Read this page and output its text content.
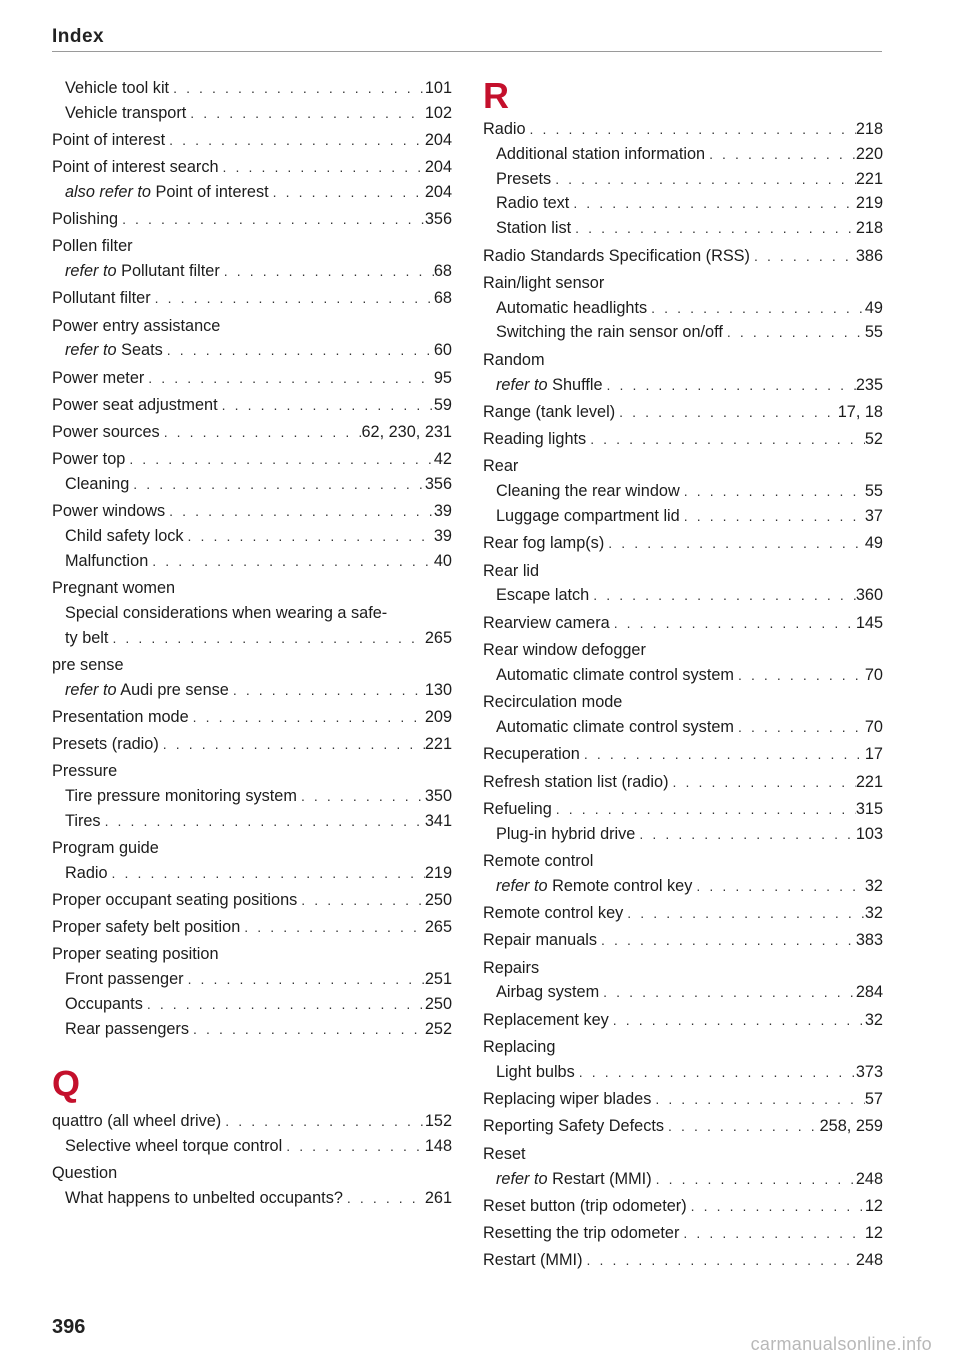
Index
Vehicle tool kit . . .	101
Vehicle transport . . .	102
Point of interest . . .	204
Point of interest search . . .	204
also refer to Point of interest . . .	204
Polishing . . .	356
Pollen filter
refer to Pollutant filter . . .	68
Pollutant filter . . .	68
Power entry assistance
refer to Seats . . .	60
Power meter . . .	95
Power seat adjustment . . .	59
Power sources . . .	62, 230, 231
Power top . . .	42
Cleaning . . .	356
Power windows . . .	39
Child safety lock . . .	39
Malfunction . . .	40
Pregnant women
Special considerations when wearing a safe-
ty belt . . .	265
pre sense
refer to Audi pre sense . . .	130
Presentation mode . . .	209
Presets (radio) . . .	221
Pressure
Tire pressure monitoring system . . .	350
Tires . . .	341
Program guide
Radio . . .	219
Proper occupant seating positions . . .	250
Proper safety belt position . . .	265
Proper seating position
Front passenger . . .	251
Occupants . . .	250
Rear passengers . . .	252
Q
quattro (all wheel drive) . . .	152
Selective wheel torque control . . .	148
Question
What happens to unbelted occupants? . . .	261
R
Radio . . .	218
Additional station information . . .	220
Presets . . .	221
Radio text . . .	219
Station list . . .	218
Radio Standards Specification (RSS) . . .	386
Rain/light sensor
Automatic headlights . . .	49
Switching the rain sensor on/off . . .	55
Random
refer to Shuffle . . .	235
Range (tank level) . . .	17, 18
Reading lights . . .	52
Rear
Cleaning the rear window . . .	55
Luggage compartment lid . . .	37
Rear fog lamp(s) . . .	49
Rear lid
Escape latch . . .	360
Rearview camera . . .	145
Rear window defogger
Automatic climate control system . . .	70
Recirculation mode
Automatic climate control system . . .	70
Recuperation . . .	17
Refresh station list (radio) . . .	221
Refueling . . .	315
Plug-in hybrid drive . . .	103
Remote control
refer to Remote control key . . .	32
Remote control key . . .	32
Repair manuals . . .	383
Repairs
Airbag system . . .	284
Replacement key . . .	32
Replacing
Light bulbs . . .	373
Replacing wiper blades . . .	57
Reporting Safety Defects . . .	258, 259
Reset
refer to Restart (MMI) . . .	248
Reset button (trip odometer) . . .	12
Resetting the trip odometer . . .	12
Restart (MMI) . . .	248
396
carmanualsonline.info
